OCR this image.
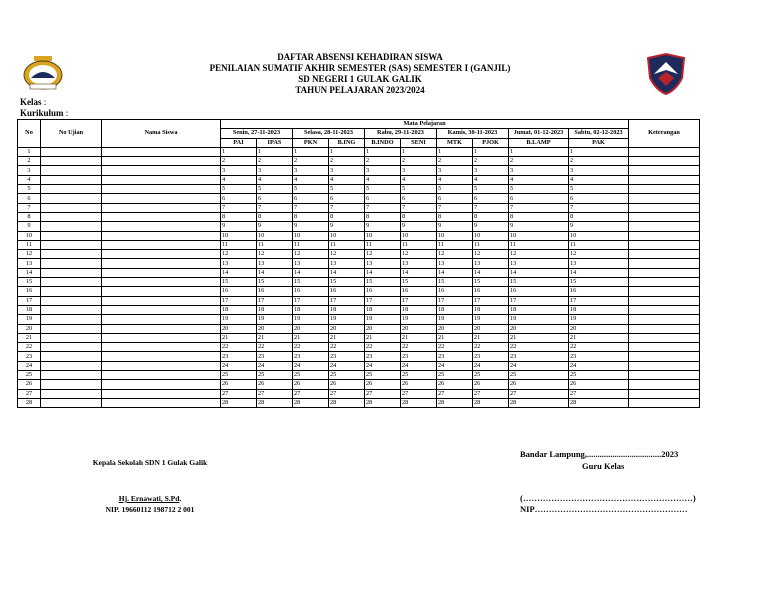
DAFTAR ABSENSI KEHADIRAN SISWA
PENILAIAN SUMATIF AKHIR SEMESTER (SAS) SEMESTER I (GANJIL)
SD NEGERI 1 GULAK GALIK
TAHUN PELAJARAN 2023/2024
Kelas :
Kurikulum :
No	No Ujian	Nama Siswa	Mata Pelajaran										Keterangan
			Senin, 27-11-2023		Selasa, 28-11-2023		Rabu, 29-11-2023		Kamis, 30-11-2023		Jumat, 01-12-2023	Sabtu, 02-12-2023	
			PAI	IPAS	PKN	B.ING	B.INDO	SENI	MTK	PJOK	B.LAMP	PAK	
1			1	1	1	1	1	1	1	1	1	1	
2			2	2	2	2	2	2	2	2	2	2	
3			3	3	3	3	3	3	3	3	3	3	
4			4	4	4	4	4	4	4	4	4	4	
5			5	5	5	5	5	5	5	5	5	5	
6			6	6	6	6	6	6	6	6	6	6	
7			7	7	7	7	7	7	7	7	7	7	
8			8	8	8	8	8	8	8	8	8	8	
9			9	9	9	9	9	9	9	9	9	9	
10			10	10	10	10	10	10	10	10	10	10	
11			11	11	11	11	11	11	11	11	11	11	
12			12	12	12	12	12	12	12	12	12	12	
13			13	13	13	13	13	13	13	13	13	13	
14			14	14	14	14	14	14	14	14	14	14	
15			15	15	15	15	15	15	15	15	15	15	
16			16	16	16	16	16	16	16	16	16	16	
17			17	17	17	17	17	17	17	17	17	17	
18			18	18	18	18	18	18	18	18	18	18	
19			19	19	19	19	19	19	19	19	19	19	
20			20	20	20	20	20	20	20	20	20	20	
21			21	21	21	21	21	21	21	21	21	21	
22			22	22	22	22	22	22	22	22	22	22	
23			23	23	23	23	23	23	23	23	23	23	
24			24	24	24	24	24	24	24	24	24	24	
25			25	25	25	25	25	25	25	25	25	25	
26			26	26	26	26	26	26	26	26	26	26	
27			27	27	27	27	27	27	27	27	27	27	
28			28	28	28	28	28	28	28	28	28	28	
Kepala Sekolah SDN 1 Gulak Galik
Hj. Ernawati, S.Pd.
NIP. 19660112 198712 2 001
Bandar Lampung,...................................2023
Guru Kelas
(……………………………………………………)
NIP………………………………………………
